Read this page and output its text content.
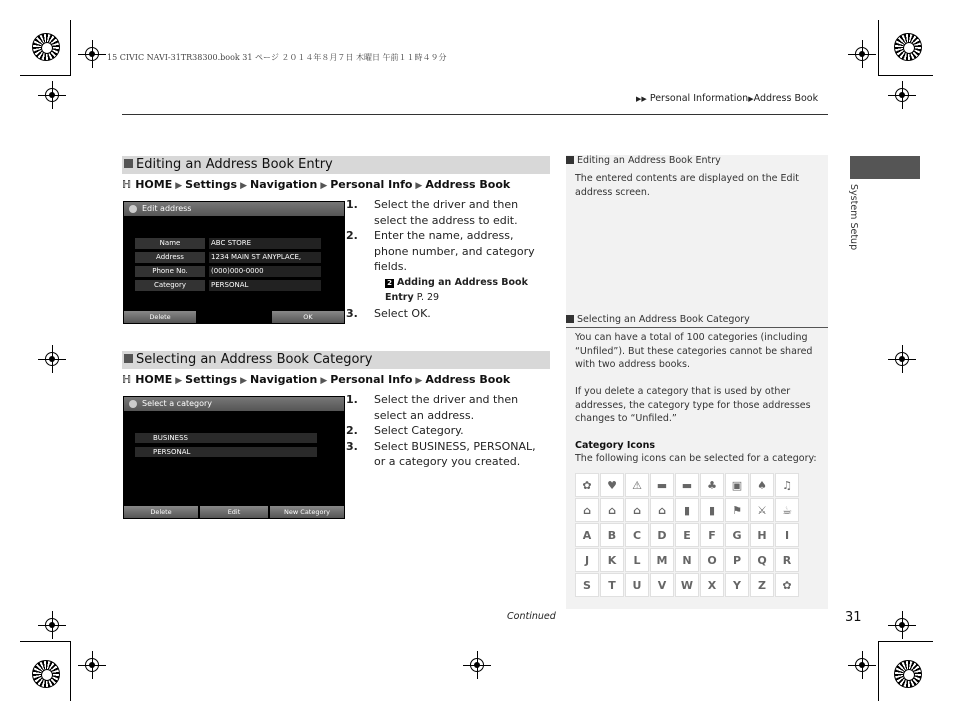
15 CIVIC NAVI-31TR38300.book 31 ページ ２０１４年８月７日 木曜日 午前１１時４９分
▶▶ Personal Information▶Address Book
Editing an Address Book Entry
ℍ HOME ▶ Settings ▶ Navigation ▶ Personal Info ▶ Address Book
Edit address
Name	ABC STORE
Address	1234 MAIN ST ANYPLACE,
Phone No.	(000)000-0000
Category	PERSONAL
Delete	OK
1. Select the driver and then select the address to edit.
2. Enter the name, address, phone number, and category fields.
2 Adding an Address Book Entry P. 29
3. Select OK.
Selecting an Address Book Category
ℍ HOME ▶ Settings ▶ Navigation ▶ Personal Info ▶ Address Book
Select a category
BUSINESS
PERSONAL
Delete	Edit	New Category
1. Select the driver and then select an address.
2. Select Category.
3. Select BUSINESS, PERSONAL, or a category you created.
Editing an Address Book Entry
The entered contents are displayed on the Edit address screen.
Selecting an Address Book Category
You can have a total of 100 categories (including “Unfiled”). But these categories cannot be shared with two address books.
If you delete a category that is used by other addresses, the category type for those addresses changes to “Unfiled.”
Category Icons
The following icons can be selected for a category:
✿	♥	⚠	▬	▬	♣	▣	♠	♫
⌂	⌂	⌂	⌂	▮	▮	⚑	⚔	☕
A	B	C	D	E	F	G	H	I
J	K	L	M	N	O	P	Q	R
S	T	U	V	W	X	Y	Z	✿
System Setup
Continued	31
